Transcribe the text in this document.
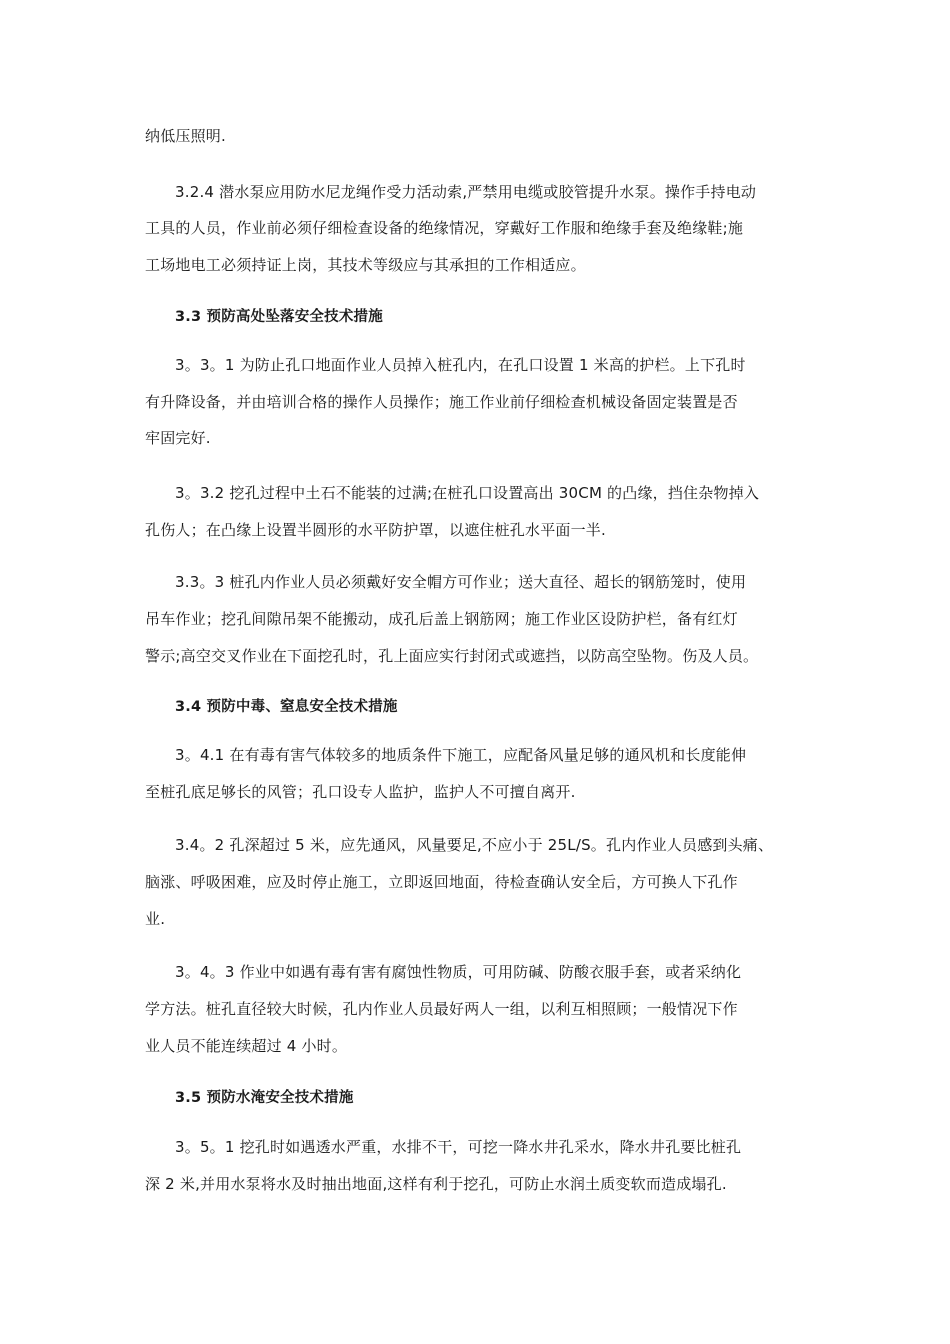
纳低压照明.
3.2.4 潜水泵应用防水尼龙绳作受力活动索,严禁用电缆或胶管提升水泵。操作手持电动
工具的人员，作业前必须仔细检查设备的绝缘情况，穿戴好工作服和绝缘手套及绝缘鞋;施
工场地电工必须持证上岗，其技术等级应与其承担的工作相适应。
3.3 预防高处坠落安全技术措施
3。3。1 为防止孔口地面作业人员掉入桩孔内，在孔口设置 1 米高的护栏。上下孔时
有升降设备，并由培训合格的操作人员操作；施工作业前仔细检查机械设备固定装置是否
牢固完好.
3。3.2 挖孔过程中土石不能装的过满;在桩孔口设置高出 30CM 的凸缘，挡住杂物掉入
孔伤人；在凸缘上设置半圆形的水平防护罩，以遮住桩孔水平面一半.
3.3。3 桩孔内作业人员必须戴好安全帽方可作业；送大直径、超长的钢筋笼时，使用
吊车作业；挖孔间隙吊架不能搬动，成孔后盖上钢筋网；施工作业区设防护栏，备有红灯
警示;高空交叉作业在下面挖孔时，孔上面应实行封闭式或遮挡，以防高空坠物。伤及人员。
3.4 预防中毒、窒息安全技术措施
3。4.1 在有毒有害气体较多的地质条件下施工，应配备风量足够的通风机和长度能伸
至桩孔底足够长的风管；孔口设专人监护，监护人不可擅自离开.
3.4。2 孔深超过 5 米，应先通风，风量要足,不应小于 25L/S。孔内作业人员感到头痛、
脑涨、呼吸困难，应及时停止施工，立即返回地面，待检查确认安全后，方可换人下孔作
业.
3。4。3 作业中如遇有毒有害有腐蚀性物质，可用防碱、防酸衣服手套，或者采纳化
学方法。桩孔直径较大时候，孔内作业人员最好两人一组，以利互相照顾；一般情况下作
业人员不能连续超过 4 小时。
3.5 预防水淹安全技术措施
3。5。1 挖孔时如遇透水严重，水排不干，可挖一降水井孔采水，降水井孔要比桩孔
深 2 米,并用水泵将水及时抽出地面,这样有利于挖孔，可防止水润土质变软而造成塌孔.
